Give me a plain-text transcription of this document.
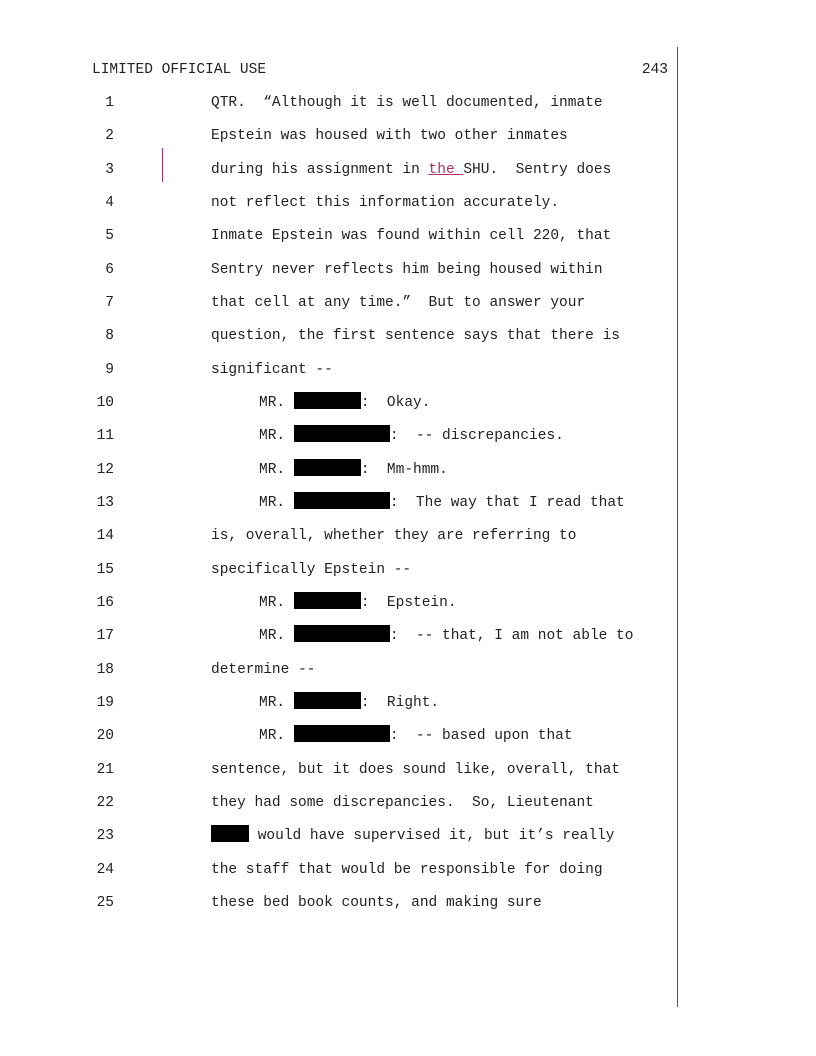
LIMITED OFFICIAL USE	243
1	QTR.  “Although it is well documented, inmate
2	Epstein was housed with two other inmates
3	during his assignment in the SHU.  Sentry does
4	not reflect this information accurately.
5	Inmate Epstein was found within cell 220, that
6	Sentry never reflects him being housed within
7	that cell at any time.”  But to answer your
8	question, the first sentence says that there is
9	significant --
10	MR.	:  Okay.
11	MR.	:  -- discrepancies.
12	MR.	:  Mm-hmm.
13	MR.	:  The way that I read that
14	is, overall, whether they are referring to
15	specifically Epstein --
16	MR.	:  Epstein.
17	MR.	:  -- that, I am not able to
18	determine --
19	MR.	:  Right.
20	MR.	:  -- based upon that
21	sentence, but it does sound like, overall, that
22	they had some discrepancies.  So, Lieutenant
23	would have supervised it, but it’s really
24	the staff that would be responsible for doing
25	these bed book counts, and making sure
